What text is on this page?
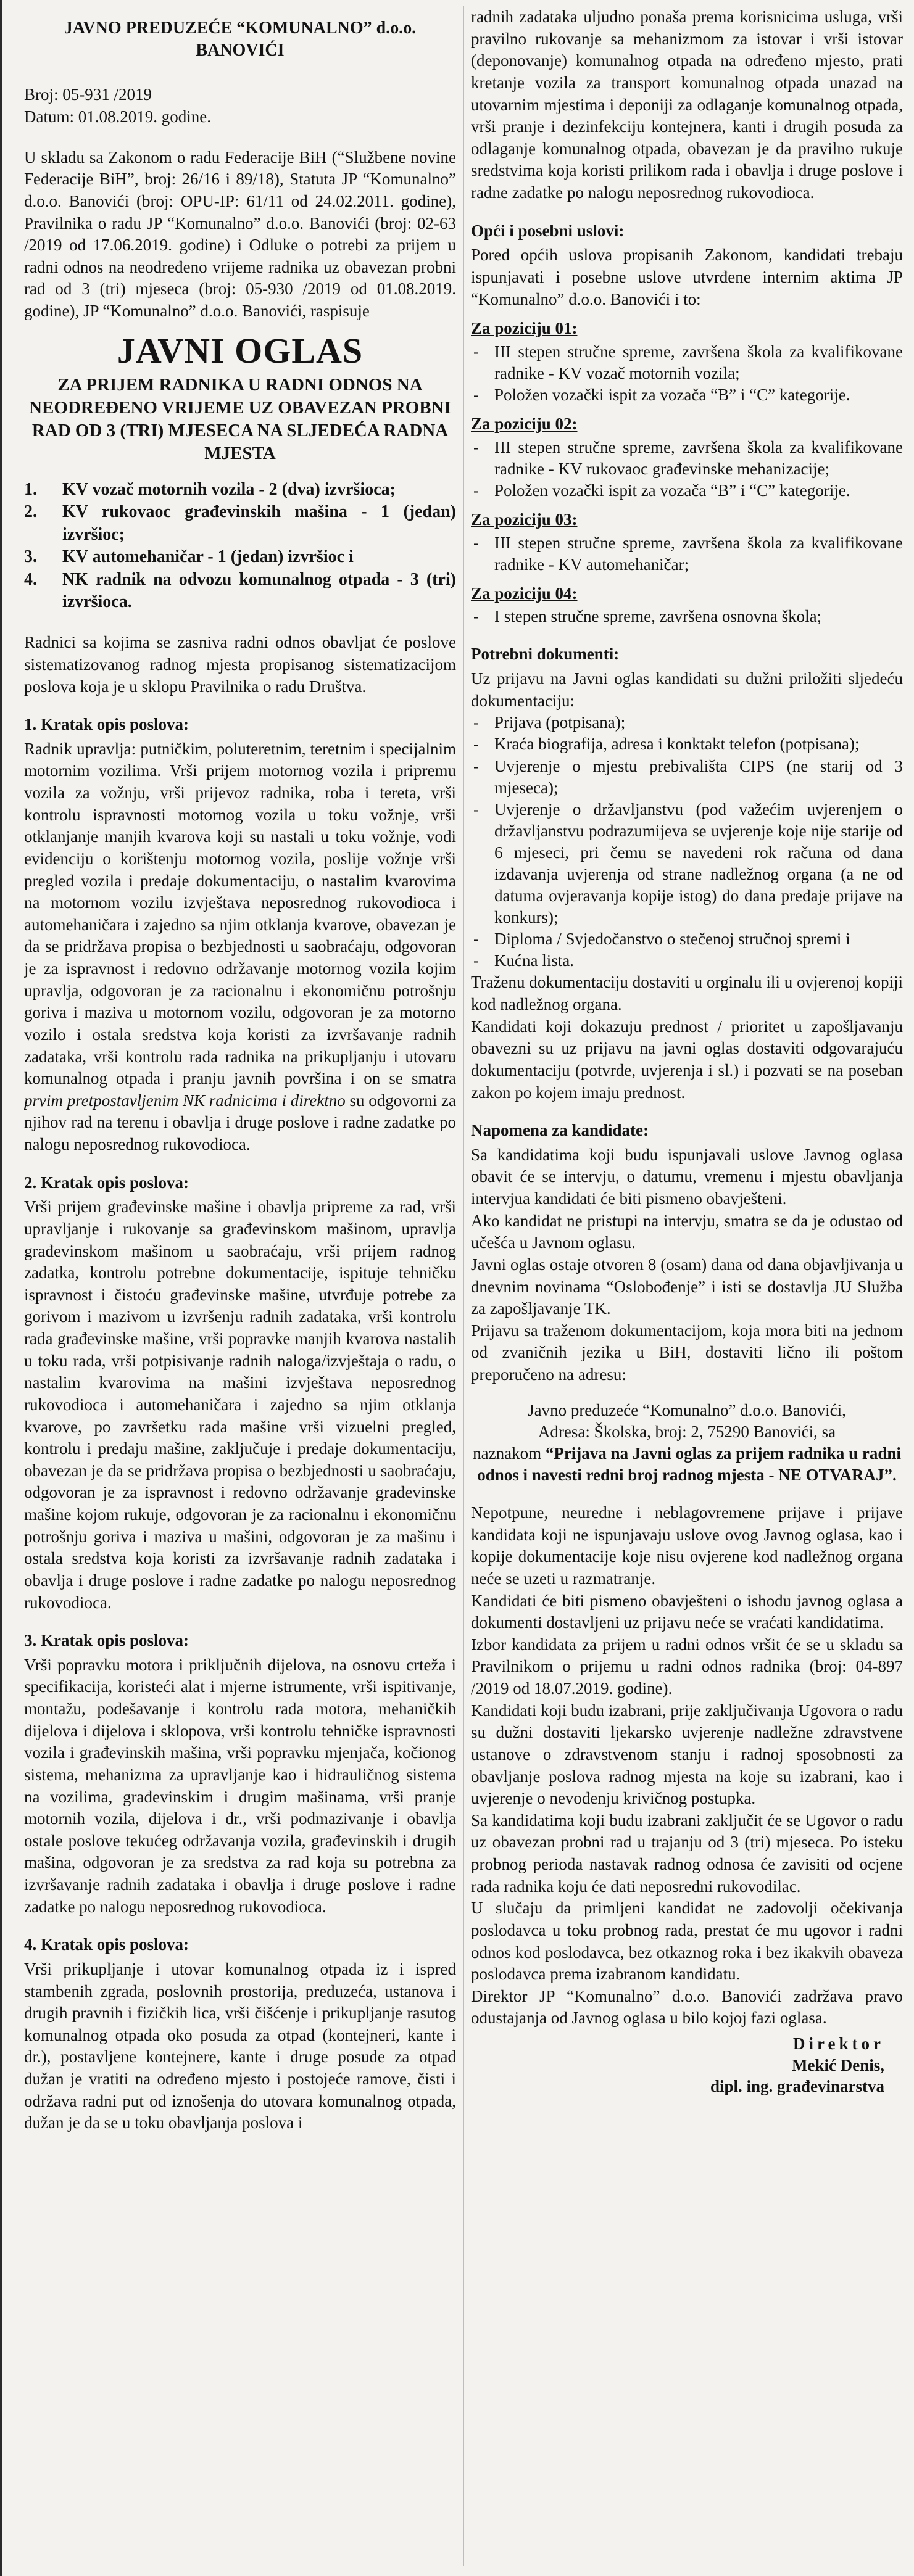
JAVNO PREDUZEĆE “KOMUNALNO” d.o.o.
BANOVIĆI

Broj: 05-931 /2019

Datum: 01.08.2019. godine.

U skladu sa Zakonom o radu Federacije BiH (“Službene novine Federacije BiH”, broj: 26/16 i 89/18), Statuta JP “Komunalno” d.o.o. Banovići (broj: OPU-IP: 61/11 od 24.02.2011. godine), Pravilnika o radu JP “Komunalno” d.o.o. Banovići (broj: 02-63 /2019 od 17.06.2019. godine) i Odluke o potrebi za prijem u radni odnos na neodređeno vrijeme radnika uz obavezan probni rad od 3 (tri) mjeseca (broj: 05-930 /2019 od 01.08.2019. godine), JP “Komunalno” d.o.o. Banovići, raspisuje

JAVNI OGLAS
ZA PRIJEM RADNIKA U RADNI ODNOS NA NEODREĐENO VRIJEME UZ OBAVEZAN PROBNI RAD OD 3 (TRI) MJESECA NA SLJEDEĆA RADNA MJESTA
1.	KV vozač motornih vozila - 2 (dva) izvršioca;
2.	KV rukovaoc građevinskih mašina - 1 (jedan) izvršioc;
3.	KV automehaničar - 1 (jedan) izvršioc i
4.	NK radnik na odvozu komunalnog otpada - 3 (tri) izvršioca.

Radnici sa kojima se zasniva radni odnos obavljat će poslove sistematizovanog radnog mjesta propisanog sistematizacijom poslova koja je u sklopu Pravilnika o radu Društva.

1. Kratak opis poslova:

Radnik upravlja: putničkim, poluteretnim, teretnim i specijalnim motornim vozilima. Vrši prijem motornog vozila i pripremu vozila za vožnju, vrši prijevoz radnika, roba i tereta, vrši kontrolu ispravnosti motornog vozila u toku vožnje, vrši otklanjanje manjih kvarova koji su nastali u toku vožnje, vodi evidenciju o korištenju motornog vozila, poslije vožnje vrši pregled vozila i predaje dokumentaciju, o nastalim kvarovima na motornom vozilu izvještava neposrednog rukovodioca i automehaničara i zajedno sa njim otklanja kvarove, obavezan je da se pridržava propisa o bezbjednosti u saobraćaju, odgovoran je za ispravnost i redovno održavanje motornog vozila kojim upravlja, odgovoran je za racionalnu i ekonomičnu potrošnju goriva i maziva u motornom vozilu, odgovoran je za motorno vozilo i ostala sredstva koja koristi za izvršavanje radnih zadataka, vrši kontrolu rada radnika na prikupljanju i utovaru komunalnog otpada i pranju javnih površina i on se smatra prvim pretpostavljenim NK radnicima i direktno su odgovorni za njihov rad na terenu i obavlja i druge poslove i radne zadatke po nalogu neposrednog rukovodioca.

2. Kratak opis poslova:

Vrši prijem građevinske mašine i obavlja pripreme za rad, vrši upravljanje i rukovanje sa građevinskom mašinom, upravlja građevinskom mašinom u saobraćaju, vrši prijem radnog zadatka, kontrolu potrebne dokumentacije, ispituje tehničku ispravnost i čistoću građevinske mašine, utvrđuje potrebe za gorivom i mazivom u izvršenju radnih zadataka, vrši kontrolu rada građevinske mašine, vrši popravke manjih kvarova nastalih u toku rada, vrši potpisivanje radnih naloga/izvještaja o radu, o nastalim kvarovima na mašini izvještava neposrednog rukovodioca i automehaničara i zajedno sa njim otklanja kvarove, po završetku rada mašine vrši vizuelni pregled, kontrolu i predaju mašine, zaključuje i predaje dokumentaciju, obavezan je da se pridržava propisa o bezbjednosti u saobraćaju, odgovoran je za ispravnost i redovno održavanje građevinske mašine kojom rukuje, odgovoran je za racionalnu i ekonomičnu potrošnju goriva i maziva u mašini, odgovoran je za mašinu i ostala sredstva koja koristi za izvršavanje radnih zadataka i obavlja i druge poslove i radne zadatke po nalogu neposrednog rukovodioca.

3. Kratak opis poslova:

Vrši popravku motora i priključnih dijelova, na osnovu crteža i specifikacija, koristeći alat i mjerne istrumente, vrši ispitivanje, montažu, podešavanje i kontrolu rada motora, mehaničkih dijelova i dijelova i sklopova, vrši kontrolu tehničke ispravnosti vozila i građevinskih mašina, vrši popravku mjenjača, kočionog sistema, mehanizma za upravljanje kao i hidrauličnog sistema na vozilima, građevinskim i drugim mašinama, vrši pranje motornih vozila, dijelova i dr., vrši podmazivanje i obavlja ostale poslove tekućeg održavanja vozila, građevinskih i drugih mašina, odgovoran je za sredstva za rad koja su potrebna za izvršavanje radnih zadataka i obavlja i druge poslove i radne zadatke po nalogu neposrednog rukovodioca.

4. Kratak opis poslova:

Vrši prikupljanje i utovar komunalnog otpada iz i ispred stambenih zgrada, poslovnih prostorija, preduzeća, ustanova i drugih pravnih i fizičkih lica, vrši čišćenje i prikupljanje rasutog komunalnog otpada oko posuda za otpad (kontejneri, kante i dr.), postavljene kontejnere, kante i druge posude za otpad dužan je vratiti na određeno mjesto i postojeće ramove, čisti i održava radni put od iznošenja do utovara komunalnog otpada, dužan je da se u toku obavljanja poslova i

radnih zadataka uljudno ponaša prema korisnicima usluga, vrši pravilno rukovanje sa mehanizmom za istovar i vrši istovar (deponovanje) komunalnog otpada na određeno mjesto, prati kretanje vozila za transport komunalnog otpada unazad na utovarnim mjestima i deponiji za odlaganje komunalnog otpada, vrši pranje i dezinfekciju kontejnera, kanti i drugih posuda za odlaganje komunalnog otpada, obavezan je da pravilno rukuje sredstvima koja koristi prilikom rada i obavlja i druge poslove i radne zadatke po nalogu neposrednog rukovodioca.

Opći i posebni uslovi:

Pored općih uslova propisanih Zakonom, kandidati trebaju ispunjavati i posebne uslove utvrđene internim aktima JP “Komunalno” d.o.o. Banovići i to:

Za poziciju 01:
- III stepen stručne spreme, završena škola za kvalifikovane radnike - KV vozač motornih vozila;
- Položen vozački ispit za vozača “B” i “C” kategorije.
Za poziciju 02:
- III stepen stručne spreme, završena škola za kvalifikovane radnike - KV rukovaoc građevinske mehanizacije;
- Položen vozački ispit za vozača “B” i “C” kategorije.
Za poziciju 03:
- III stepen stručne spreme, završena škola za kvalifikovane radnike - KV automehaničar;
Za poziciju 04:
- I stepen stručne spreme, završena osnovna škola;
Potrebni dokumenti:

Uz prijavu na Javni oglas kandidati su dužni priložiti sljedeću dokumentaciju:

- Prijava (potpisana);
- Kraća biografija, adresa i konktakt telefon (potpisana);
- Uvjerenje o mjestu prebivališta CIPS (ne starij od 3 mjeseca);
- Uvjerenje o državljanstvu (pod važećim uvjerenjem o državljanstvu podrazumijeva se uvjerenje koje nije starije od 6 mjeseci, pri čemu se navedeni rok računa od dana izdavanja uvjerenja od strane nadležnog organa (a ne od datuma ovjeravanja kopije istog) do dana predaje prijave na konkurs);
- Diploma / Svjedočanstvo o stečenoj stručnoj spremi i
- Kućna lista.

Traženu dokumentaciju dostaviti u orginalu ili u ovjerenoj kopiji kod nadležnog organa.

Kandidati koji dokazuju prednost / prioritet u zapošljavanju obavezni su uz prijavu na javni oglas dostaviti odgovarajuću dokumentaciju (potvrde, uvjerenja i sl.) i pozvati se na poseban zakon po kojem imaju prednost.

Napomena za kandidate:

Sa kandidatima koji budu ispunjavali uslove Javnog oglasa obavit će se intervju, o datumu, vremenu i mjestu obavljanja intervjua kandidati će biti pismeno obavješteni.

Ako kandidat ne pristupi na intervju, smatra se da je odustao od učešća u Javnom oglasu.

Javni oglas ostaje otvoren 8 (osam) dana od dana objavljivanja u dnevnim novinama “Oslobođenje” i isti se dostavlja JU Služba za zapošljavanje TK.

Prijavu sa traženom dokumentacijom, koja mora biti na jednom od zvaničnih jezika u BiH, dostaviti lično ili poštom preporučeno na adresu:

Javno preduzeće “Komunalno” d.o.o. Banovići,
Adresa: Školska, broj: 2, 75290 Banovići, sa
naznakom “Prijava na Javni oglas za prijem radnika u radni odnos i navesti redni broj radnog mjesta - NE OTVARAJ”.

Nepotpune, neuredne i neblagovremene prijave i prijave kandidata koji ne ispunjavaju uslove ovog Javnog oglasa, kao i kopije dokumentacije koje nisu ovjerene kod nadležnog organa neće se uzeti u razmatranje.

Kandidati će biti pismeno obavješteni o ishodu javnog oglasa a dokumenti dostavljeni uz prijavu neće se vraćati kandidatima.

Izbor kandidata za prijem u radni odnos vršit će se u skladu sa Pravilnikom o prijemu u radni odnos radnika (broj: 04-897 /2019 od 18.07.2019. godine).

Kandidati koji budu izabrani, prije zaključivanja Ugovora o radu su dužni dostaviti ljekarsko uvjerenje nadležne zdravstvene ustanove o zdravstvenom stanju i radnoj sposobnosti za obavljanje poslova radnog mjesta na koje su izabrani, kao i uvjerenje o nevođenju krivičnog postupka.

Sa kandidatima koji budu izabrani zaključit će se Ugovor o radu uz obavezan probni rad u trajanju od 3 (tri) mjeseca. Po isteku probnog perioda nastavak radnog odnosa će zavisiti od ocjene rada radnika koju će dati neposredni rukovodilac.

U slučaju da primljeni kandidat ne zadovolji očekivanja poslodavca u toku probnog rada, prestat će mu ugovor i radni odnos kod poslodavca, bez otkaznog roka i bez ikakvih obaveza poslodavca prema izabranom kandidatu.

Direktor JP “Komunalno” d.o.o. Banovići zadržava pravo odustajanja od Javnog oglasa u bilo kojoj fazi oglasa.

Direktor
Mekić Denis,
dipl. ing. građevinarstva
